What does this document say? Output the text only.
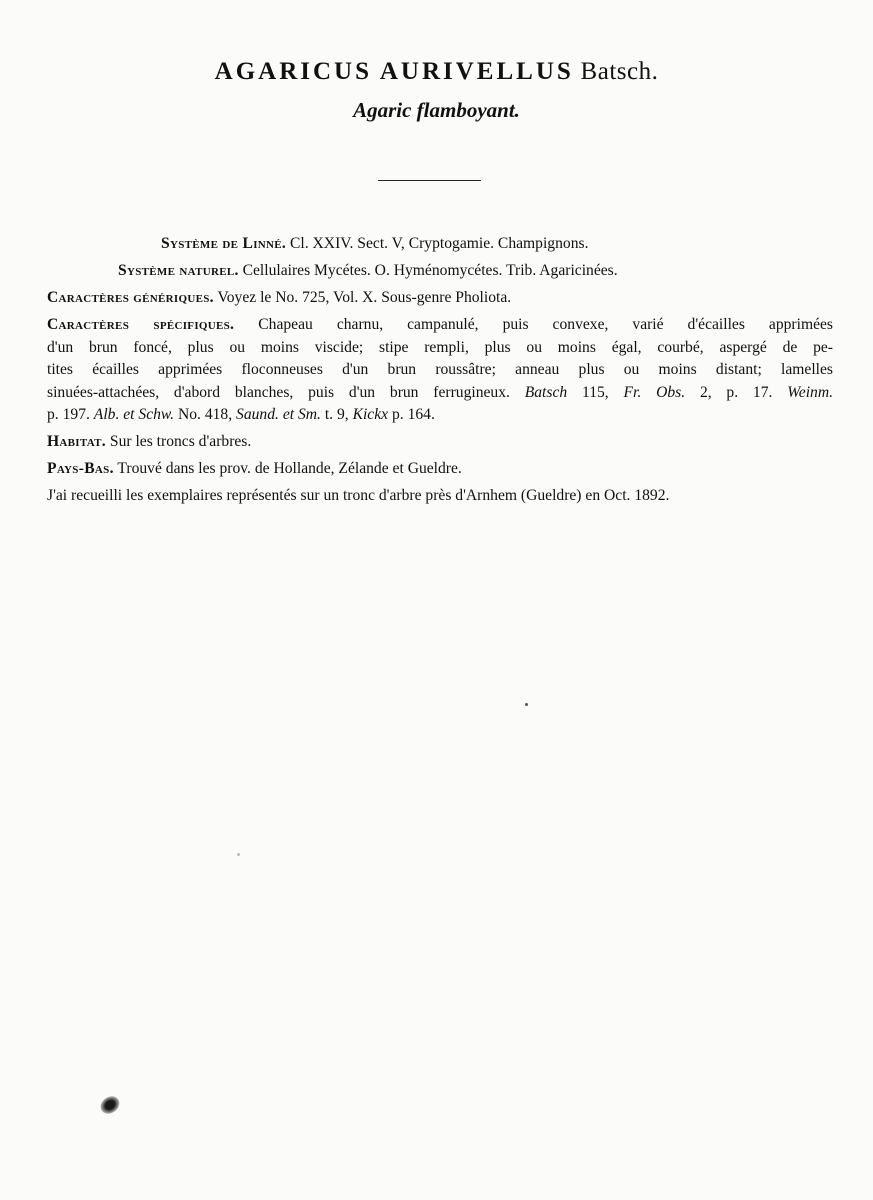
AGARICUS AURIVELLUS Batsch.
Agaric flamboyant.
Système de Linné. Cl. XXIV. Sect. V, Cryptogamie. Champignons.
Système naturel. Cellulaires Mycétes. O. Hyménomycétes. Trib. Agaricinées.
Caractères génériques. Voyez le No. 725, Vol. X. Sous-genre Pholiota.
Caractères spécifiques. Chapeau charnu, campanulé, puis convexe, varié d'écailles apprimées
d'un brun foncé, plus ou moins viscide; stipe rempli, plus ou moins égal, courbé, aspergé de pe-
tites écailles apprimées floconneuses d'un brun roussâtre; anneau plus ou moins distant; lamelles
sinuées-attachées, d'abord blanches, puis d'un brun ferrugineux. Batsch 115, Fr. Obs. 2, p. 17. Weinm.
p. 197. Alb. et Schw. No. 418, Saund. et Sm. t. 9, Kickx p. 164.
Habitat. Sur les troncs d'arbres.
Pays-Bas. Trouvé dans les prov. de Hollande, Zélande et Gueldre.
J'ai recueilli les exemplaires représentés sur un tronc d'arbre près d'Arnhem (Gueldre) en Oct. 1892.
